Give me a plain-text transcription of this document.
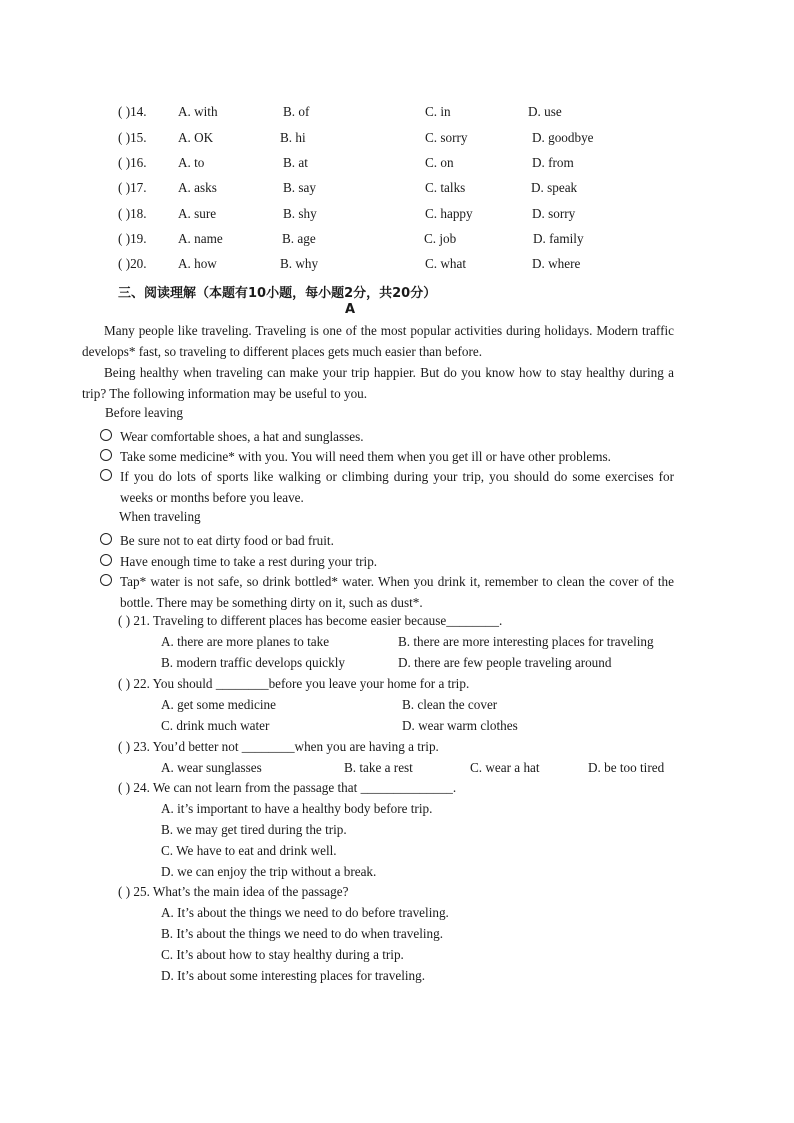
( )14. A. with	B. of	C. in	D. use
( )15. A. OK	B. hi	C. sorry	D. goodbye
( )16. A. to	B. at	C. on	D. from
( )17. A. asks	B. say	C. talks	D. speak
( )18. A. sure	B. shy	C. happy	D. sorry
( )19. A. name	B. age	C. job	D. family
( )20. A. how	B. why	C. what	D. where
三、阅读理解（本题有10小题，每小题2分，共20分）
A
Many people like traveling. Traveling is one of the most popular activities during holidays. Modern traffic develops* fast, so traveling to different places gets much easier than before.
Being healthy when traveling can make your trip happier. But do you know how to stay healthy during a trip? The following information may be useful to you.
Before leaving
Wear comfortable shoes, a hat and sunglasses.
Take some medicine* with you. You will need them when you get ill or have other problems.
If you do lots of sports like walking or climbing during your trip, you should do some exercises for weeks or months before you leave.
When traveling
Be sure not to eat dirty food or bad fruit.
Have enough time to take a rest during your trip.
Tap* water is not safe, so drink bottled* water. When you drink it, remember to clean the cover of the bottle. There may be something dirty on it, such as dust*.
( ) 21. Traveling to different places has become easier because________.
A. there are more planes to take	B. there are more interesting places for traveling
B. modern traffic develops quickly	D. there are few people traveling around
( ) 22. You should ________before you leave your home for a trip.
A. get some medicine	B. clean the cover
C. drink much water	D. wear warm clothes
( ) 23. You’d better not ________when you are having a trip.
A. wear sunglasses	B. take a rest	C. wear a hat	D. be too tired
( ) 24. We can not learn from the passage that ______________.
A. it’s important to have a healthy body before trip.
B. we may get tired during the trip.
C. We have to eat and drink well.
D. we can enjoy the trip without a break.
( ) 25. What’s the main idea of the passage?
A. It’s about the things we need to do before traveling.
B. It’s about the things we need to do when traveling.
C. It’s about how to stay healthy during a trip.
D. It’s about some interesting places for traveling.
